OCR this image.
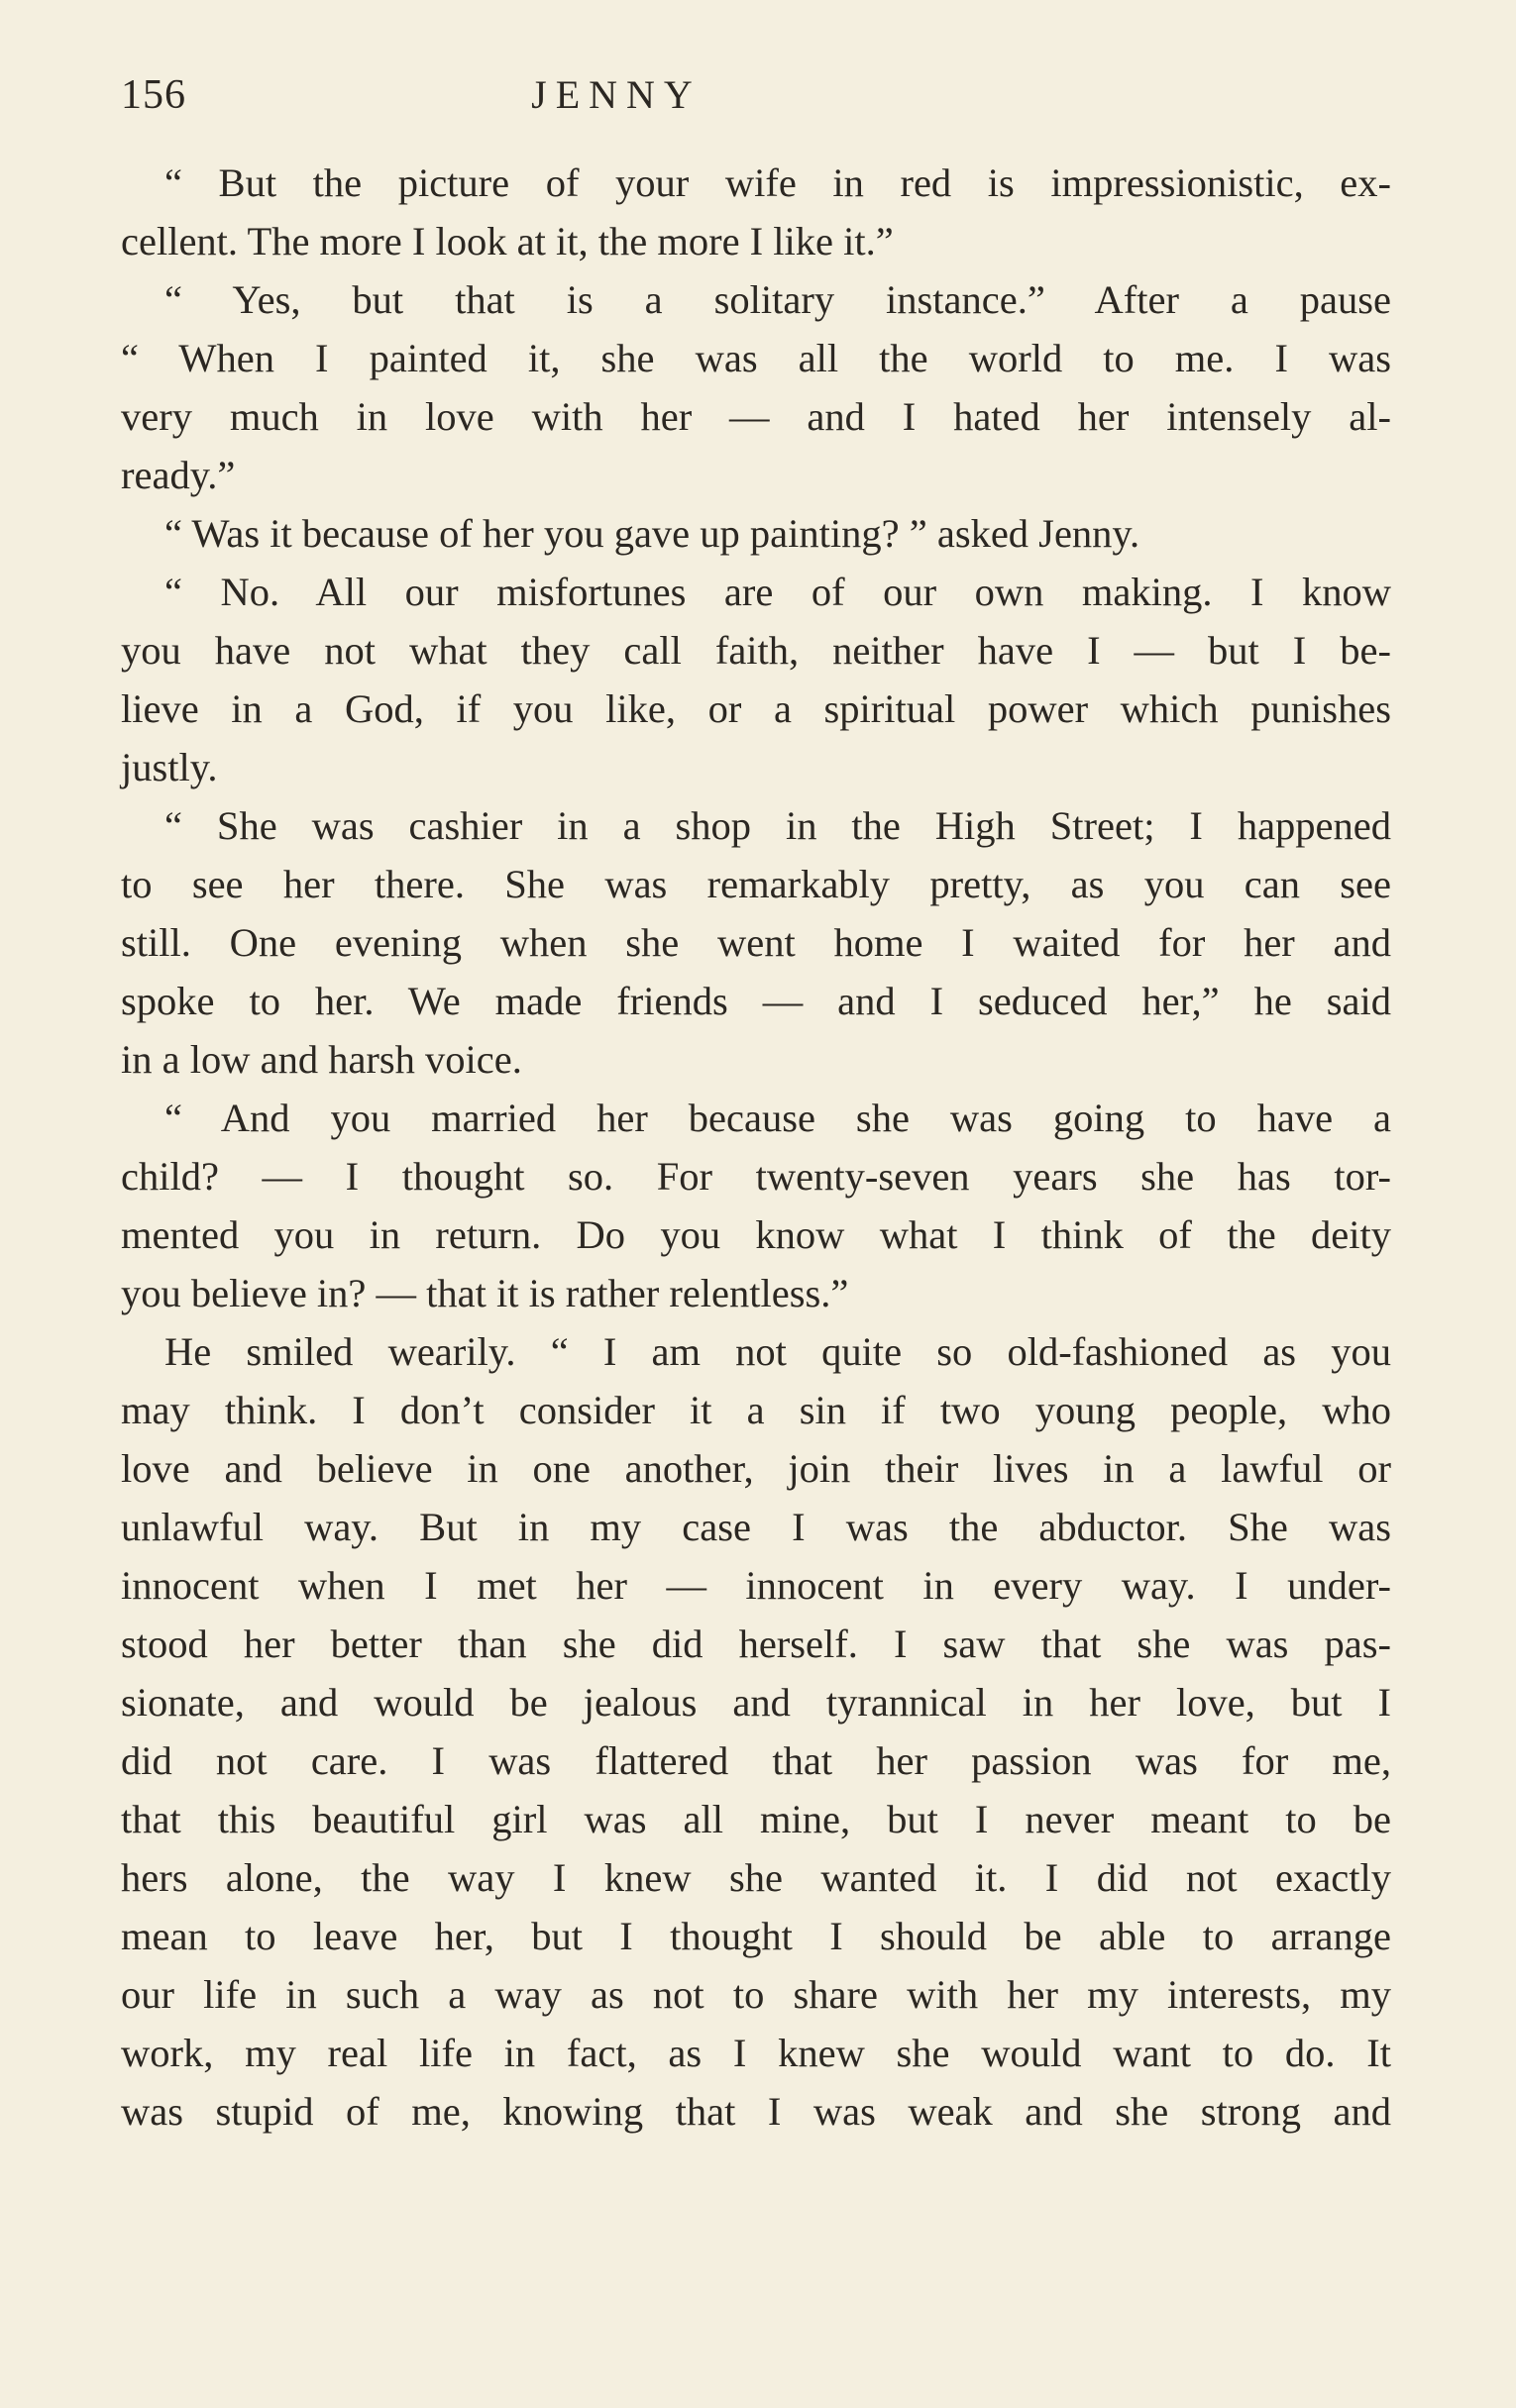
156	JENNY
“ But the picture of your wife in red is impressionistic, ex-
cellent. The more I look at it, the more I like it.”
“ Yes, but that is a solitary instance.” After a pause
“ When I painted it, she was all the world to me. I was
very much in love with her — and I hated her intensely al-
ready.”
“ Was it because of her you gave up painting? ” asked Jenny.
“ No. All our misfortunes are of our own making. I know
you have not what they call faith, neither have I — but I be-
lieve in a God, if you like, or a spiritual power which punishes
justly.
“ She was cashier in a shop in the High Street; I happened
to see her there. She was remarkably pretty, as you can see
still. One evening when she went home I waited for her and
spoke to her. We made friends — and I seduced her,” he said
in a low and harsh voice.
“ And you married her because she was going to have a
child? — I thought so. For twenty-seven years she has tor-
mented you in return. Do you know what I think of the deity
you believe in? — that it is rather relentless.”
He smiled wearily. “ I am not quite so old-fashioned as you
may think. I don’t consider it a sin if two young people, who
love and believe in one another, join their lives in a lawful or
unlawful way. But in my case I was the abductor. She was
innocent when I met her — innocent in every way. I under-
stood her better than she did herself. I saw that she was pas-
sionate, and would be jealous and tyrannical in her love, but I
did not care. I was flattered that her passion was for me,
that this beautiful girl was all mine, but I never meant to be
hers alone, the way I knew she wanted it. I did not exactly
mean to leave her, but I thought I should be able to arrange
our life in such a way as not to share with her my interests, my
work, my real life in fact, as I knew she would want to do. It
was stupid of me, knowing that I was weak and she strong and
